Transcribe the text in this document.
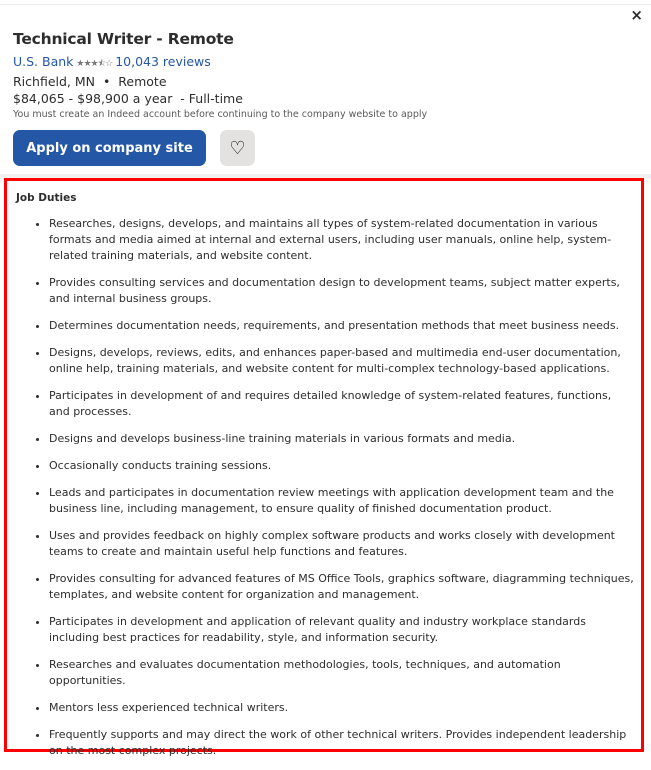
×
Technical Writer - Remote
U.S. Bank ★★★⯪☆ 10,043 reviews
Richfield, MN • Remote
$84,065 - $98,900 a year - Full-time
You must create an Indeed account before continuing to the company website to apply
Apply on company site	♡
Job Duties
• Researches, designs, develops, and maintains all types of system-related documentation in various formats and media aimed at internal and external users, including user manuals, online help, system-related training materials, and website content.
• Provides consulting services and documentation design to development teams, subject matter experts, and internal business groups.
• Determines documentation needs, requirements, and presentation methods that meet business needs.
• Designs, develops, reviews, edits, and enhances paper-based and multimedia end-user documentation, online help, training materials, and website content for multi-complex technology-based applications.
• Participates in development of and requires detailed knowledge of system-related features, functions, and processes.
• Designs and develops business-line training materials in various formats and media.
• Occasionally conducts training sessions.
• Leads and participates in documentation review meetings with application development team and the business line, including management, to ensure quality of finished documentation product.
• Uses and provides feedback on highly complex software products and works closely with development teams to create and maintain useful help functions and features.
• Provides consulting for advanced features of MS Office Tools, graphics software, diagramming techniques, templates, and website content for organization and management.
• Participates in development and application of relevant quality and industry workplace standards including best practices for readability, style, and information security.
• Researches and evaluates documentation methodologies, tools, techniques, and automation opportunities.
• Mentors less experienced technical writers.
• Frequently supports and may direct the work of other technical writers. Provides independent leadership on the most complex projects.
